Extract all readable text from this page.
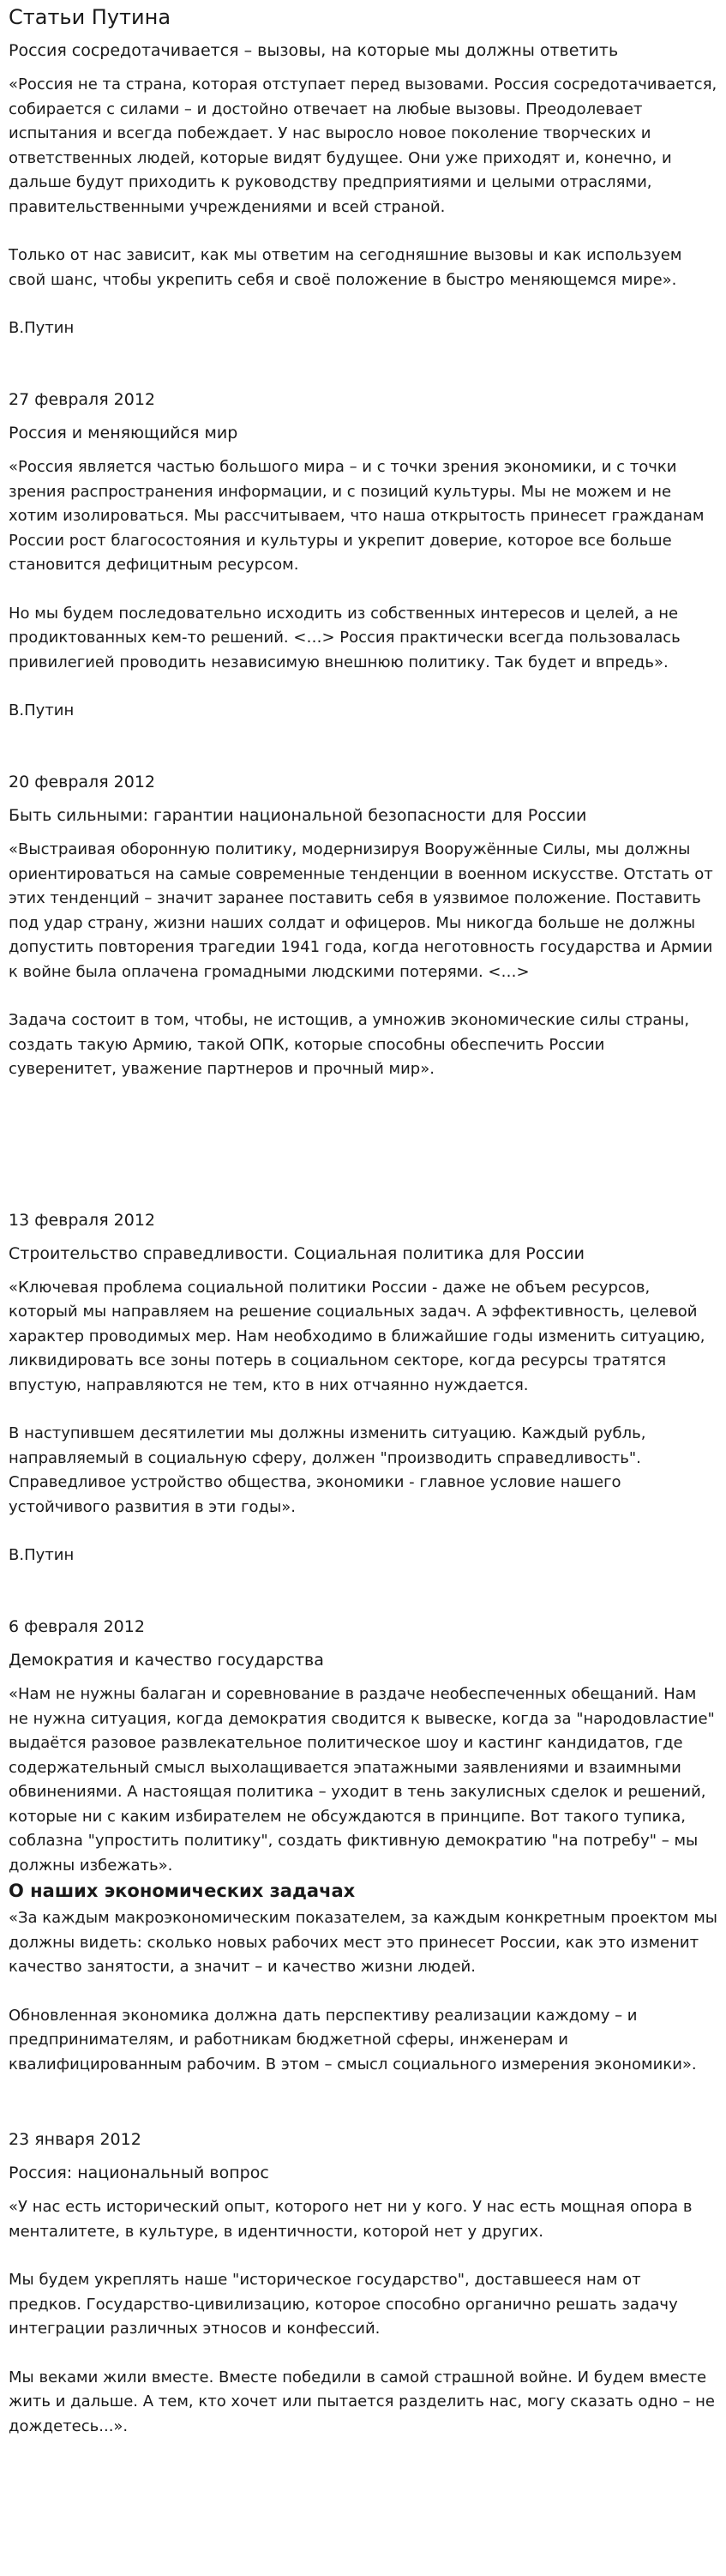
Статьи Путина
Россия сосредотачивается – вызовы, на которые мы должны ответить

«Россия не та страна, которая отступает перед вызовами. Россия сосредотачивается, собирается с силами – и достойно отвечает на любые вызовы. Преодолевает испытания и всегда побеждает. У нас выросло новое поколение творческих и ответственных людей, которые видят будущее. Они уже приходят и, конечно, и дальше будут приходить к руководству предприятиями и целыми отраслями, правительственными учреждениями и всей страной.

Только от нас зависит, как мы ответим на сегодняшние вызовы и как используем свой шанс, чтобы укрепить себя и своё положение в быстро меняющемся мире».

В.Путин

27 февраля 2012
Россия и меняющийся мир

«Россия является частью большого мира – и с точки зрения экономики, и с точки зрения распространения информации, и с позиций культуры. Мы не можем и не хотим изолироваться. Мы рассчитываем, что наша открытость принесет гражданам России рост благосостояния и культуры и укрепит доверие, которое все больше становится дефицитным ресурсом.

Но мы будем последовательно исходить из собственных интересов и целей, а не продиктованных кем-то решений. <…> Россия практически всегда пользовалась привилегией проводить независимую внешнюю политику. Так будет и впредь».

В.Путин

20 февраля 2012
Быть сильными: гарантии национальной безопасности для России

«Выстраивая оборонную политику, модернизируя Вооружённые Силы, мы должны ориентироваться на самые современные тенденции в военном искусстве. Отстать от этих тенденций – значит заранее поставить себя в уязвимое положение. Поставить под удар страну, жизни наших солдат и офицеров. Мы никогда больше не должны допустить повторения трагедии 1941 года, когда неготовность государства и Армии к войне была оплачена громадными людскими потерями. <…>

Задача состоит в том, чтобы, не истощив, а умножив экономические силы страны, создать такую Армию, такой ОПК, которые способны обеспечить России суверенитет, уважение партнеров и прочный мир».

13 февраля 2012
Строительство справедливости. Социальная политика для России

«Ключевая проблема социальной политики России - даже не объем ресурсов, который мы направляем на решение социальных задач. А эффективность, целевой характер проводимых мер. Нам необходимо в ближайшие годы изменить ситуацию, ликвидировать все зоны потерь в социальном секторе, когда ресурсы тратятся впустую, направляются не тем, кто в них отчаянно нуждается.

В наступившем десятилетии мы должны изменить ситуацию. Каждый рубль, направляемый в социальную сферу, должен "производить справедливость". Справедливое устройство общества, экономики - главное условие нашего устойчивого развития в эти годы».

В.Путин

6 февраля 2012
Демократия и качество государства

«Нам не нужны балаган и соревнование в раздаче необеспеченных обещаний. Нам не нужна ситуация, когда демократия сводится к вывеске, когда за "народовластие" выдаётся разовое развлекательное политическое шоу и кастинг кандидатов, где содержательный смысл выхолащивается эпатажными заявлениями и взаимными обвинениями. А настоящая политика – уходит в тень закулисных сделок и решений, которые ни с каким избирателем не обсуждаются в принципе. Вот такого тупика, соблазна "упростить политику", создать фиктивную демократию "на потребу" – мы должны избежать».

О наших экономических задачах

«За каждым макроэкономическим показателем, за каждым конкретным проектом мы должны видеть: сколько новых рабочих мест это принесет России, как это изменит качество занятости, а значит – и качество жизни людей.

Обновленная экономика должна дать перспективу реализации каждому – и предпринимателям, и работникам бюджетной сферы, инженерам и квалифицированным рабочим. В этом – смысл социального измерения экономики».

23 января 2012
Россия: национальный вопрос

«У нас есть исторический опыт, которого нет ни у кого. У нас есть мощная опора в менталитете, в культуре, в идентичности, которой нет у других.

Мы будем укреплять наше "историческое государство", доставшееся нам от предков. Государство-цивилизацию, которое способно органично решать задачу интеграции различных этносов и конфессий.

Мы веками жили вместе. Вместе победили в самой страшной войне. И будем вместе жить и дальше. А тем, кто хочет или пытается разделить нас, могу сказать одно – не дождетесь...».
